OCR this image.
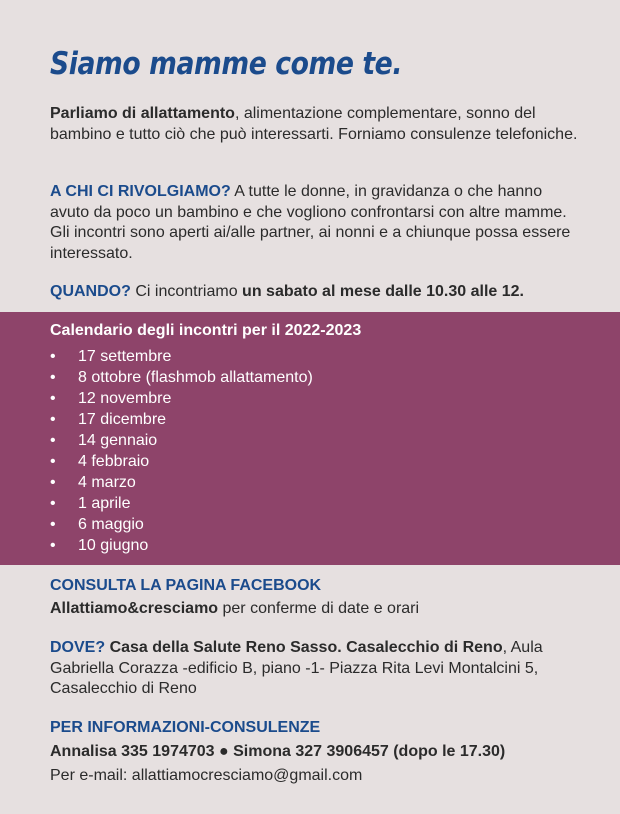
Siamo mamme come te.

Parliamo di allattamento, alimentazione complementare, sonno del bambino e tutto ciò che può interessarti. Forniamo consulenze telefoniche.

A CHI CI RIVOLGIAMO? A tutte le donne, in gravidanza o che hanno avuto da poco un bambino e che vogliono confrontarsi con altre mamme. Gli incontri sono aperti ai/alle partner, ai nonni e a chiunque possa essere interessato.

QUANDO? Ci incontriamo un sabato al mese dalle 10.30 alle 12.

Calendario degli incontri per il 2022-2023
• 17 settembre
• 8 ottobre (flashmob allattamento)
• 12 novembre
• 17 dicembre
• 14 gennaio
• 4 febbraio
• 4 marzo
• 1 aprile
• 6 maggio
• 10 giugno
CONSULTA LA PAGINA FACEBOOK

Allattiamo&cresciamo per conferme di date e orari

DOVE? Casa della Salute Reno Sasso. Casalecchio di Reno, Aula Gabriella Corazza -edificio B, piano -1- Piazza Rita Levi Montalcini 5, Casalecchio di Reno

PER INFORMAZIONI-CONSULENZE

Annalisa 335 1974703 ● Simona 327 3906457 (dopo le 17.30)

Per e-mail: allattiamocresciamo@gmail.com
